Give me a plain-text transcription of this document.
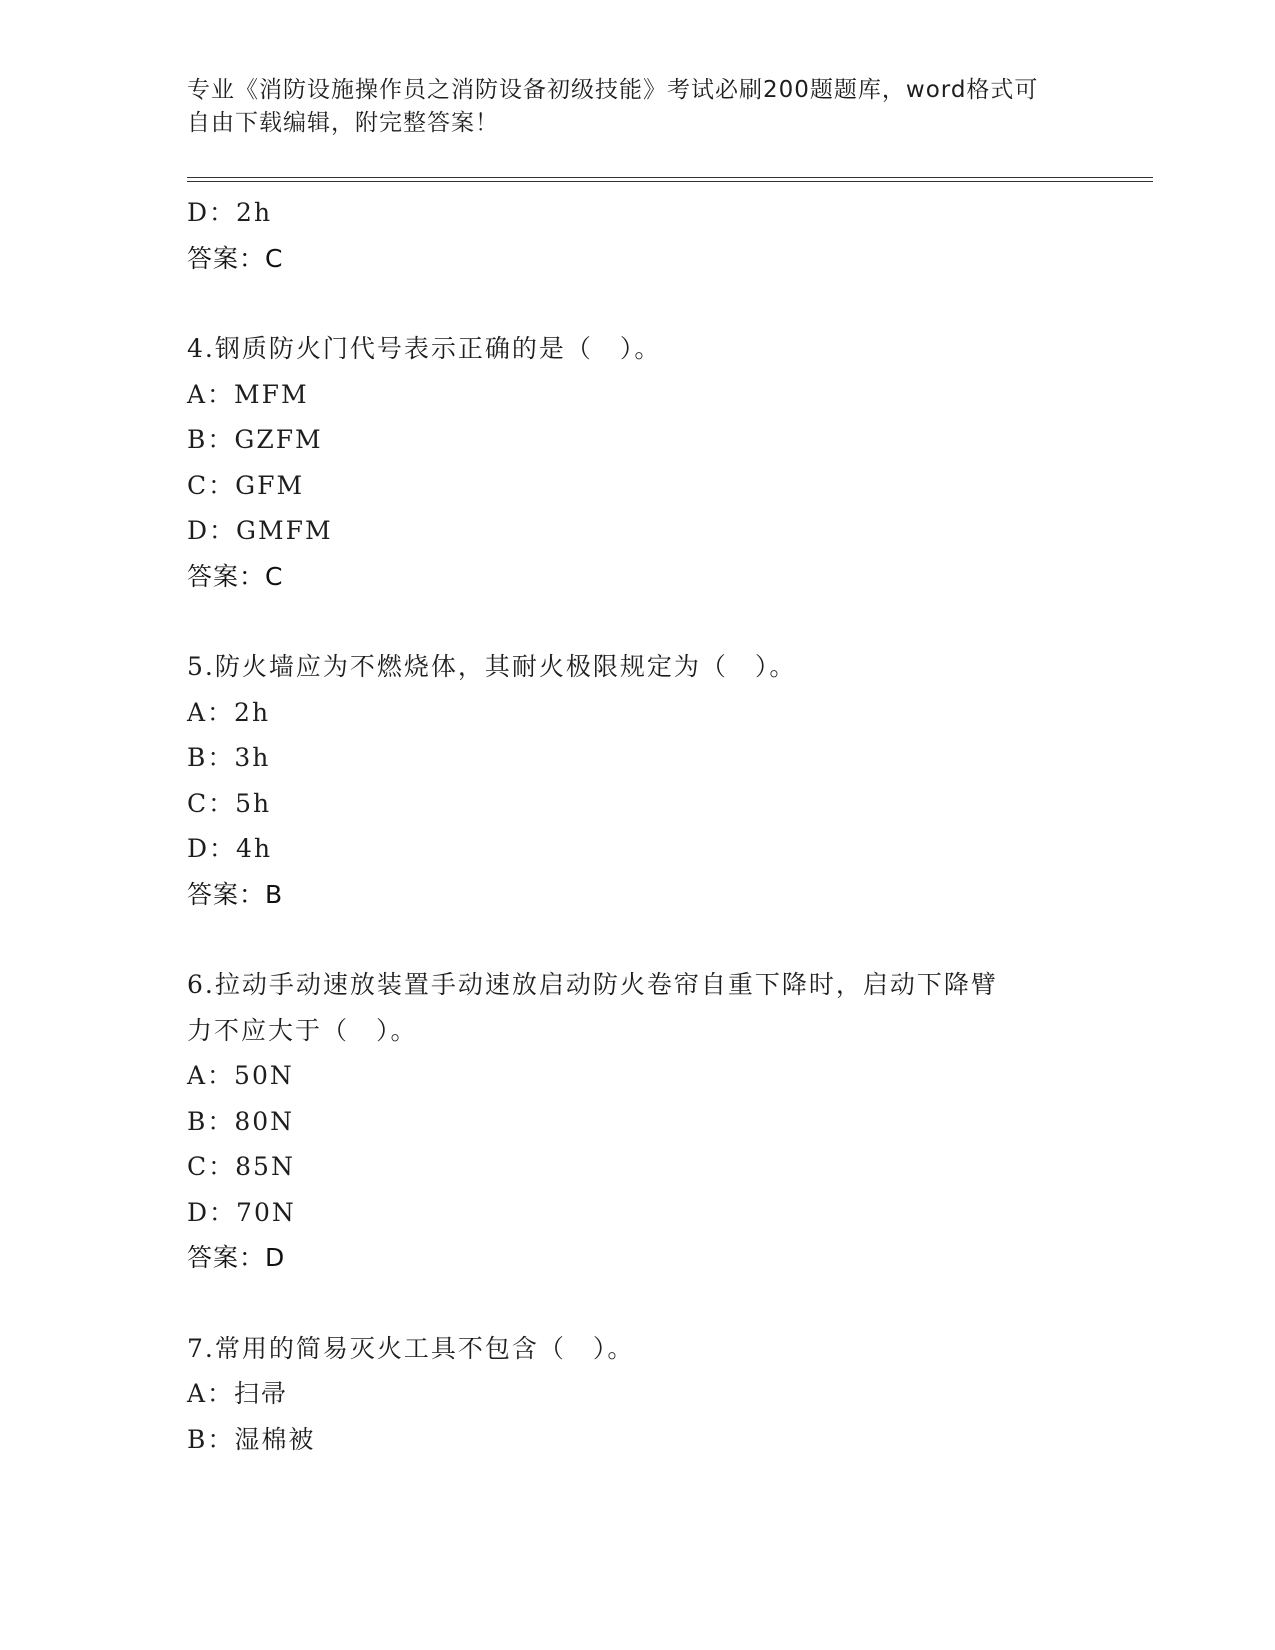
专业《消防设施操作员之消防设备初级技能》考试必刷200题题库，word格式可
自由下载编辑，附完整答案！
D：2h
答案：C
4.钢质防火门代号表示正确的是（　）。
A：MFM
B：GZFM
C：GFM
D：GMFM
答案：C
5.防火墙应为不燃烧体，其耐火极限规定为（　）。
A：2h
B：3h
C：5h
D：4h
答案：B
6.拉动手动速放装置手动速放启动防火卷帘自重下降时，启动下降臂
力不应大于（　）。
A：50N
B：80N
C：85N
D：70N
答案：D
7.常用的简易灭火工具不包含（　）。
A：扫帚
B：湿棉被
